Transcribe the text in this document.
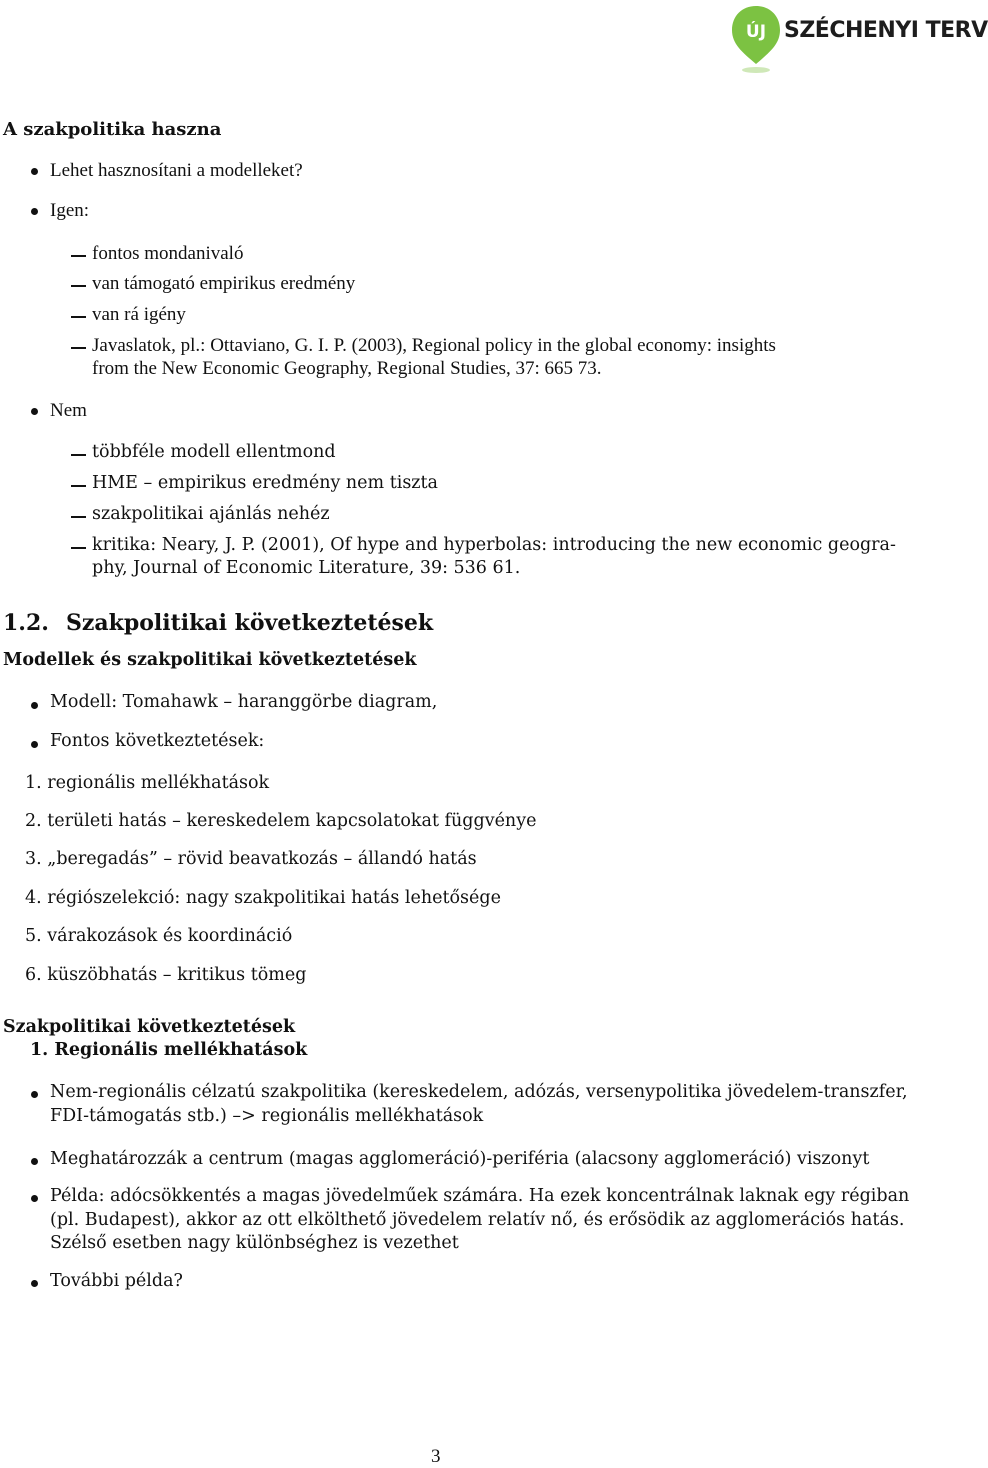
ÚJ SZÉCHENYI TERV
A szakpolitika haszna
Lehet hasznosítani a modelleket?
Igen:
fontos mondanivaló
van támogató empirikus eredmény
van rá igény
Javaslatok, pl.: Ottaviano, G. I. P. (2003), Regional policy in the global economy: insights
from the New Economic Geography, Regional Studies, 37: 665 73.
Nem
többféle modell ellentmond
HME – empirikus eredmény nem tiszta
szakpolitikai ajánlás nehéz
kritika: Neary, J. P. (2001), Of hype and hyperbolas: introducing the new economic geogra-
phy, Journal of Economic Literature, 39: 536 61.
1.2. Szakpolitikai következtetések
Modellek és szakpolitikai következtetések
Modell: Tomahawk – haranggörbe diagram,
Fontos következtetések:
1. regionális mellékhatások
2. területi hatás – kereskedelem kapcsolatokat függvénye
3. „beregadás” – rövid beavatkozás – állandó hatás
4. régiószelekció: nagy szakpolitikai hatás lehetősége
5. várakozások és koordináció
6. küszöbhatás – kritikus tömeg
Szakpolitikai következtetések
1. Regionális mellékhatások
Nem-regionális célzatú szakpolitika (kereskedelem, adózás, versenypolitika jövedelem-transzfer,
FDI-támogatás stb.) –> regionális mellékhatások
Meghatározzák a centrum (magas agglomeráció)-periféria (alacsony agglomeráció) viszonyt
Példa: adócsökkentés a magas jövedelműek számára. Ha ezek koncentrálnak laknak egy régiban
(pl. Budapest), akkor az ott elkölthető jövedelem relatív nő, és erősödik az agglomerációs hatás.
Szélső esetben nagy különbséghez is vezethet
További példa?
3
